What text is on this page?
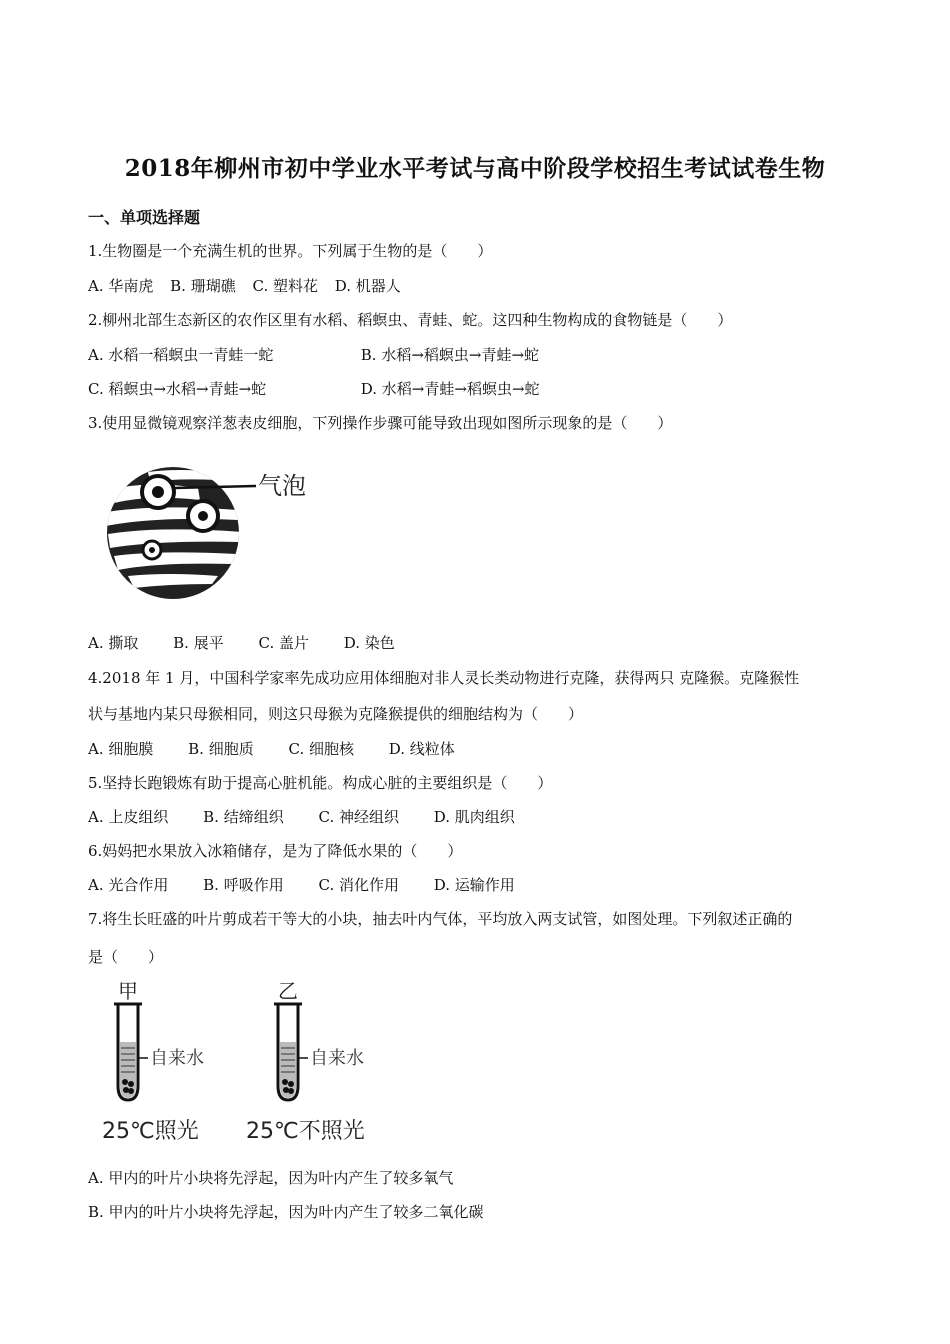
2018年柳州市初中学业水平考试与高中阶段学校招生考试试卷生物
一、单项选择题
1.生物圈是一个充满生机的世界。下列属于生物的是（　　）
A. 华南虎 B. 珊瑚礁 C. 塑料花 D. 机器人
2.柳州北部生态新区的农作区里有水稻、稻螟虫、青蛙、蛇。这四种生物构成的食物链是（　　）
A. 水稻一稻螟虫一青蛙一蛇	B. 水稻→稻螟虫→青蛙→蛇
C. 稻螟虫→水稻→青蛙→蛇	D. 水稻→青蛙→稻螟虫→蛇
3.使用显微镜观察洋葱表皮细胞，下列操作步骤可能导致出现如图所示现象的是（　　）
气泡
A. 撕取 B. 展平 C. 盖片 D. 染色
4.2018 年 1 月，中国科学家率先成功应用体细胞对非人灵长类动物进行克隆，获得两只 克隆猴。克隆猴性
状与基地内某只母猴相同，则这只母猴为克隆猴提供的细胞结构为（　　）
A. 细胞膜 B. 细胞质 C. 细胞核 D. 线粒体
5.坚持长跑锻炼有助于提高心脏机能。构成心脏的主要组织是（　　）
A. 上皮组织 B. 结缔组织 C. 神经组织 D. 肌肉组织
6.妈妈把水果放入冰箱储存，是为了降低水果的（　　）
A. 光合作用 B. 呼吸作用 C. 消化作用 D. 运输作用
7.将生长旺盛的叶片剪成若干等大的小块，抽去叶内气体，平均放入两支试管，如图处理。下列叙述正确的
是（　　）
甲
自来水
25℃照光
乙
自来水
25℃不照光
A. 甲内的叶片小块将先浮起，因为叶内产生了较多氧气
B. 甲内的叶片小块将先浮起，因为叶内产生了较多二氧化碳
